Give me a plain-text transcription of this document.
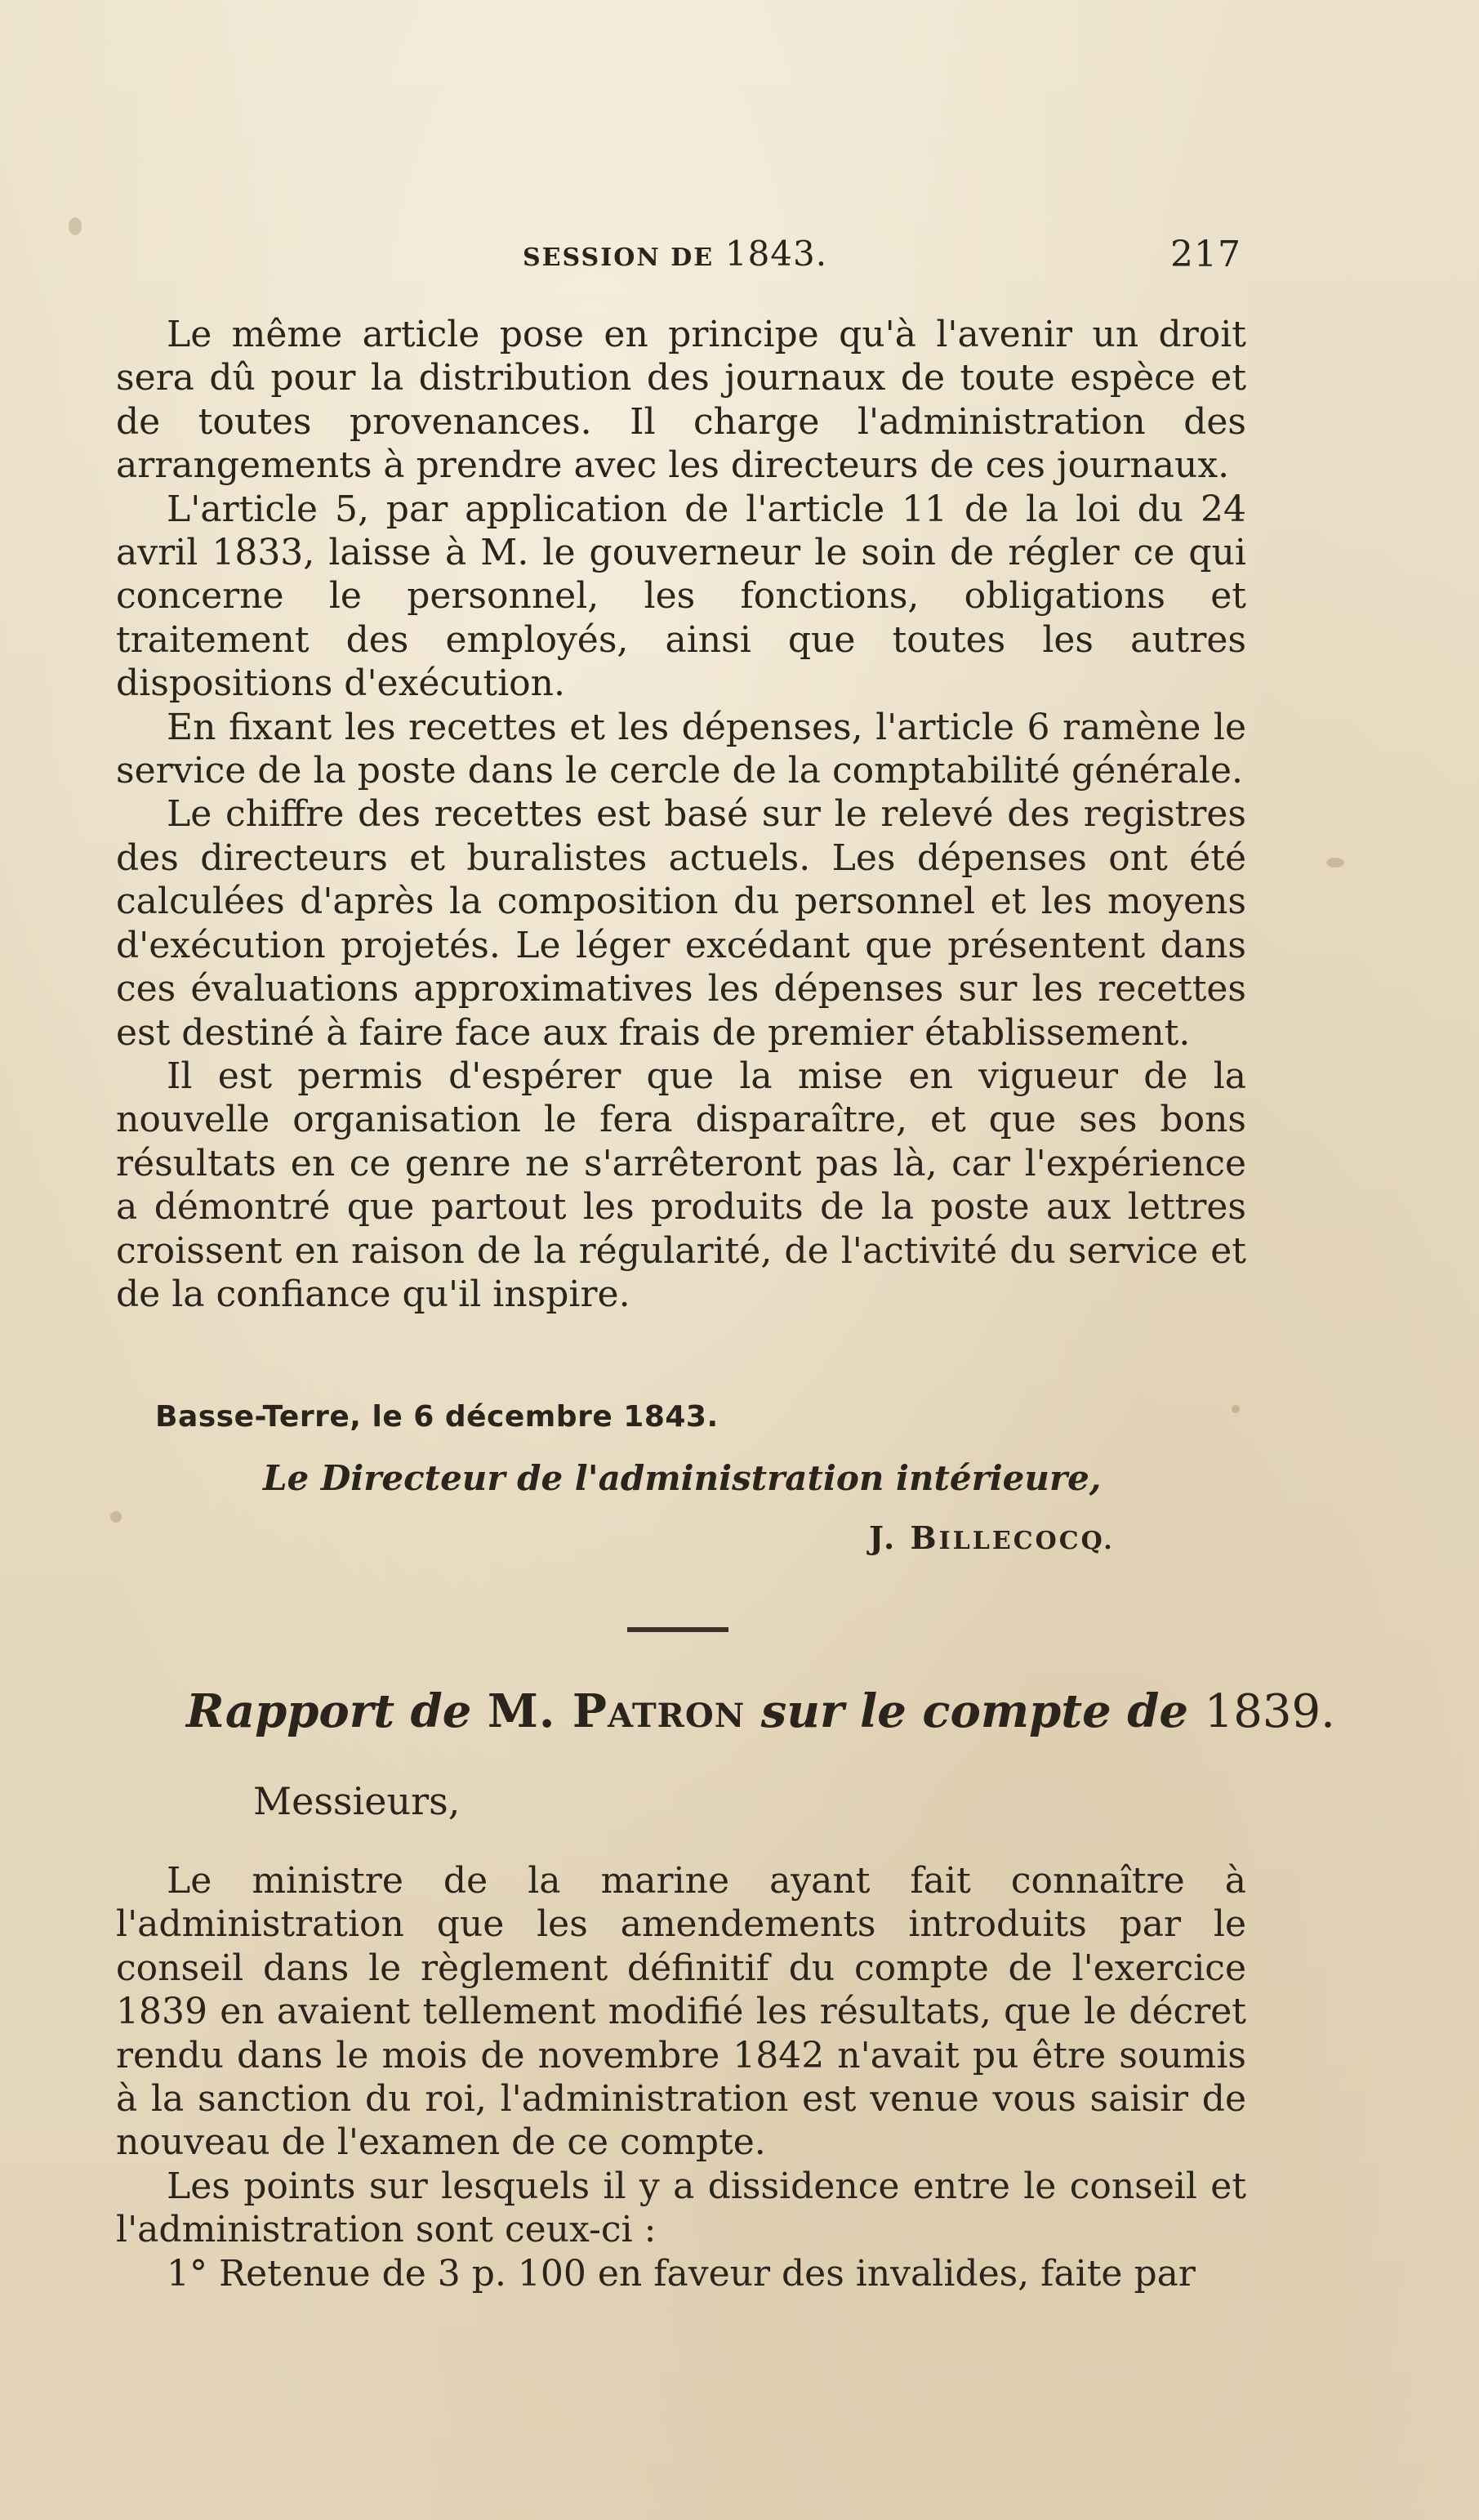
SESSION DE 1843.	217

Le même article pose en principe qu'à l'avenir un droit sera dû pour la distribution des journaux de toute espèce et de toutes provenances. Il charge l'administration des arrangements à prendre avec les directeurs de ces journaux.

L'article 5, par application de l'article 11 de la loi du 24 avril 1833, laisse à M. le gouverneur le soin de régler ce qui concerne le personnel, les fonctions, obligations et traitement des employés, ainsi que toutes les autres dispositions d'exécution.

En fixant les recettes et les dépenses, l'article 6 ramène le service de la poste dans le cercle de la comptabilité générale.

Le chiffre des recettes est basé sur le relevé des registres des directeurs et buralistes actuels. Les dépenses ont été calculées d'après la composition du personnel et les moyens d'exécution projetés. Le léger excédant que présentent dans ces évaluations approximatives les dépenses sur les recettes est destiné à faire face aux frais de premier établissement.

Il est permis d'espérer que la mise en vigueur de la nouvelle organisation le fera disparaître, et que ses bons résultats en ce genre ne s'arrêteront pas là, car l'expérience a démontré que partout les produits de la poste aux lettres croissent en raison de la régularité, de l'activité du service et de la confiance qu'il inspire.

Basse-Terre, le 6 décembre 1843.
Le Directeur de l'administration intérieure,
J. BILLECOCQ.
Rapport de M. PATRON sur le compte de 1839.
Messieurs,

Le ministre de la marine ayant fait connaître à l'administration que les amendements introduits par le conseil dans le règlement définitif du compte de l'exercice 1839 en avaient tellement modifié les résultats, que le décret rendu dans le mois de novembre 1842 n'avait pu être soumis à la sanction du roi, l'administration est venue vous saisir de nouveau de l'examen de ce compte.

Les points sur lesquels il y a dissidence entre le conseil et l'administration sont ceux-ci :

1° Retenue de 3 p. 100 en faveur des invalides, faite par
